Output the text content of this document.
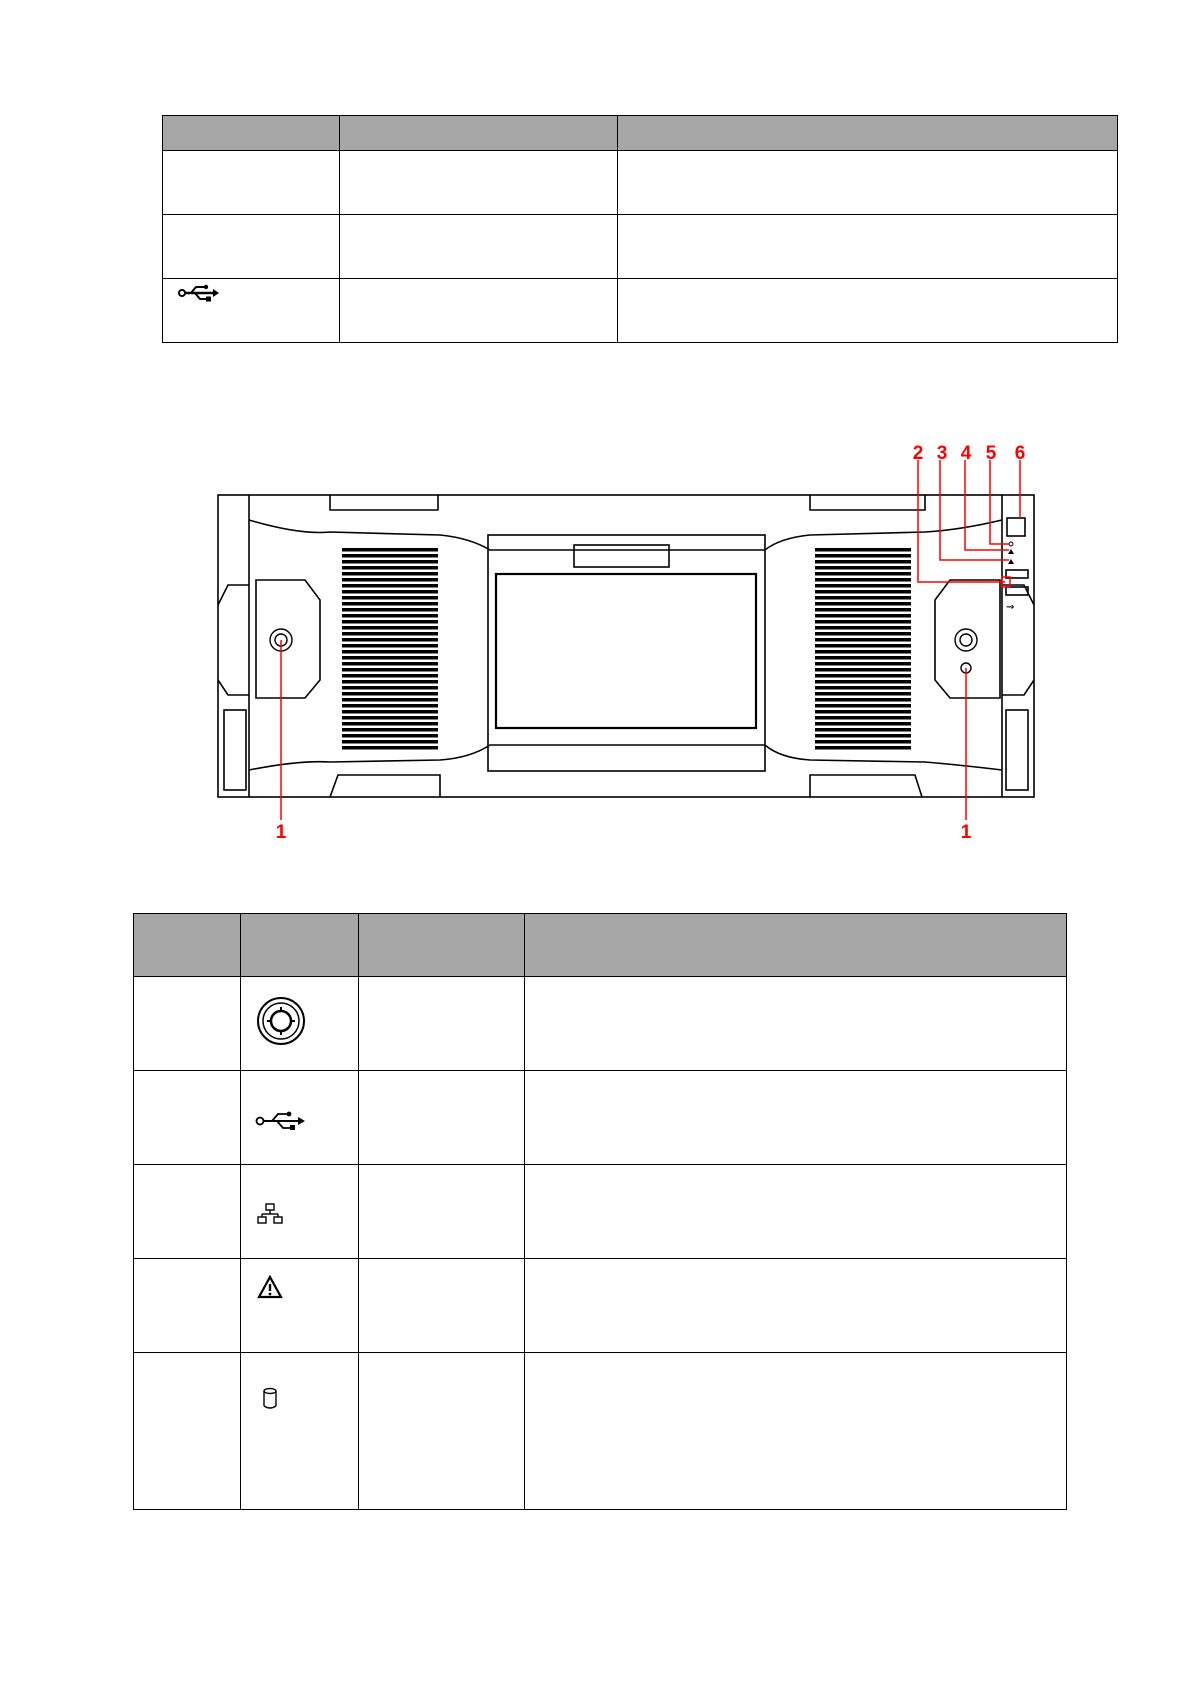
⇝
1
2 3 4 5 6
1
